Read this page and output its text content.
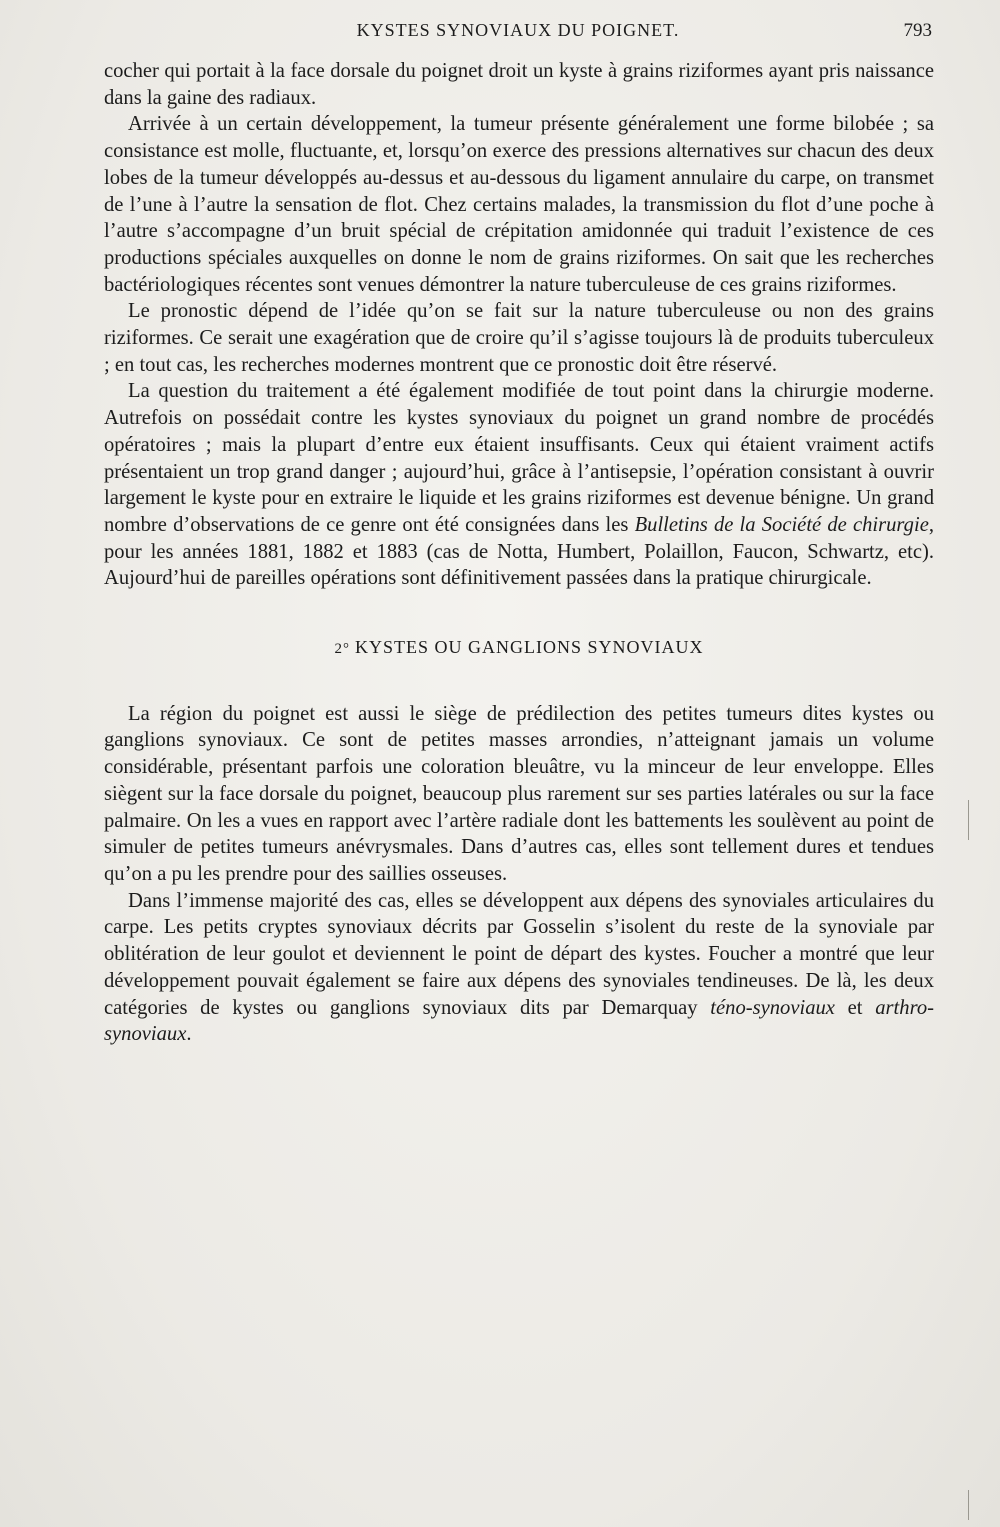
KYSTES SYNOVIAUX DU POIGNET.	793

cocher qui portait à la face dorsale du poignet droit un kyste à grains riziformes ayant pris naissance dans la gaine des radiaux.

Arrivée à un certain développement, la tumeur présente généralement une forme bilobée ; sa consistance est molle, fluctuante, et, lorsqu’on exerce des pressions alternatives sur chacun des deux lobes de la tumeur développés au-dessus et au-dessous du ligament annulaire du carpe, on transmet de l’une à l’autre la sensation de flot. Chez certains malades, la transmission du flot d’une poche à l’autre s’accompagne d’un bruit spécial de crépitation amidonnée qui traduit l’existence de ces productions spéciales auxquelles on donne le nom de grains riziformes. On sait que les recherches bactériologiques récentes sont venues démontrer la nature tuberculeuse de ces grains riziformes.

Le pronostic dépend de l’idée qu’on se fait sur la nature tuberculeuse ou non des grains riziformes. Ce serait une exagération que de croire qu’il s’agisse toujours là de produits tuberculeux ; en tout cas, les recherches modernes montrent que ce pronostic doit être réservé.

La question du traitement a été également modifiée de tout point dans la chirurgie moderne. Autrefois on possédait contre les kystes synoviaux du poignet un grand nombre de procédés opératoires ; mais la plupart d’entre eux étaient insuffisants. Ceux qui étaient vraiment actifs présentaient un trop grand danger ; aujourd’hui, grâce à l’antisepsie, l’opération consistant à ouvrir largement le kyste pour en extraire le liquide et les grains riziformes est devenue bénigne. Un grand nombre d’observations de ce genre ont été consignées dans les Bulletins de la Société de chirurgie, pour les années 1881, 1882 et 1883 (cas de Notta, Humbert, Polaillon, Faucon, Schwartz, etc). Aujourd’hui de pareilles opérations sont définitivement passées dans la pratique chirurgicale.

2° KYSTES OU GANGLIONS SYNOVIAUX

La région du poignet est aussi le siège de prédilection des petites tumeurs dites kystes ou ganglions synoviaux. Ce sont de petites masses arrondies, n’atteignant jamais un volume considérable, présentant parfois une coloration bleuâtre, vu la minceur de leur enveloppe. Elles siègent sur la face dorsale du poignet, beaucoup plus rarement sur ses parties latérales ou sur la face palmaire. On les a vues en rapport avec l’artère radiale dont les battements les soulèvent au point de simuler de petites tumeurs anévrysmales. Dans d’autres cas, elles sont tellement dures et tendues qu’on a pu les prendre pour des saillies osseuses.

Dans l’immense majorité des cas, elles se développent aux dépens des synoviales articulaires du carpe. Les petits cryptes synoviaux décrits par Gosselin s’isolent du reste de la synoviale par oblitération de leur goulot et deviennent le point de départ des kystes. Foucher a montré que leur développement pouvait également se faire aux dépens des synoviales tendineuses. De là, les deux catégories de kystes ou ganglions synoviaux dits par Demarquay téno-synoviaux et arthro-synoviaux.
